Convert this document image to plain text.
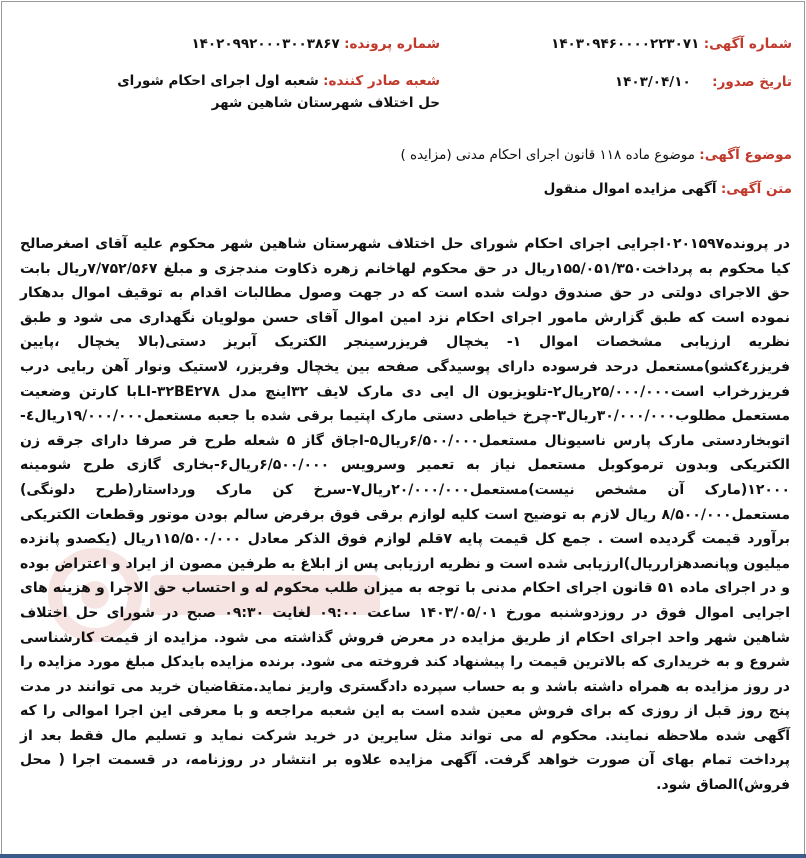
شماره آگهی: ۱۴۰۳۰۹۴۶۰۰۰۰۲۲۳۰۷۱
شماره پرونده: ۱۴۰۲۰۹۹۲۰۰۰۳۰۰۳۸۶۷
تاریخ صدور:     ۱۴۰۳/۰۴/۱۰
شعبه صادر کننده: شعبه اول اجرای احکام شورای حل اختلاف شهرستان شاهین شهر
موضوع آگهی: موضوع ماده ۱۱۸ قانون اجرای احکام مدنی (مزایده )
متن آگهی: آگهی مزایده اموال منقول
در پرونده۰۲۰۱۵۹۷اجرایی اجرای احکام شورای حل اختلاف شهرستان شاهین شهر محکوم علیه آقای اصغرصالح کیا محکوم به پرداخت۱۵۵/۰۵۱/۳۵۰ریال در حق محکوم لهاخانم زهره ذکاوت مندجزی و مبلغ ۷/۷۵۲/۵۶۷ریال بابت حق الاجرای دولتی در حق صندوق دولت شده است که در جهت وصول مطالبات اقدام به توقیف اموال بدهکار نموده است که طبق گزارش مامور اجرای احکام نزد امین اموال آقای حسن مولویان نگهداری می شود و طبق نظریه ارزیابی مشخصات اموال ۱- یخچال فریزرسینجر الکتریک آبریز دستی(بالا یخچال ،پایین فریزر٤کشو)مستعمل درحد فرسوده دارای پوسیدگی صفحه بین یخچال وفریزر، لاستیک ونوار آهن ربایی درب فریزرخراب است۲۵/۰۰۰/۰۰۰ریال۲-تلویزیون ال ایی دی مارک لایف ۳۲اینچ مدل LI-۳۲BE۲۷۸با کارتن وضعیت مستعمل مطلوب۳۰/۰۰۰/۰۰۰ریال۳-چرخ خیاطی دستی مارک اپتیما برقی شده با جعبه مستعمل۱۹/۰۰۰/۰۰۰ریال٤-اتوبخاردستی مارک پارس ناسیونال مستعمل۶/۵۰۰/۰۰۰ریال۵-اجاق گاز ۵ شعله طرح فر صرفا دارای جرقه زن الکتریکی وبدون ترموکوبل مستعمل نیاز به تعمیر وسرویس ۶/۵۰۰/۰۰۰ریال۶-بخاری گازی طرح شومینه ۱۲۰۰۰(مارک آن مشخص نیست)مستعمل۲۰/۰۰۰/۰۰۰ریال۷-سرخ کن مارک ورداستار(طرح دلونگی) مستعمل۸/۵۰۰/۰۰۰ ریال لازم به توضیح است کلیه لوازم برقی فوق برفرض سالم بودن موتور وقطعات الکتریکی برآورد قیمت گردیده است . جمع کل قیمت پایه ۷قلم لوازم فوق الذکر معادل ۱۱۵/۵۰۰/۰۰۰ریال (یکصدو پانزده میلیون وپانصدهزارریال)ارزیابی شده است و نظریه ارزیابی پس از ابلاغ به طرفین مصون از ایراد و اعتراض بوده و در اجرای ماده ۵۱ قانون اجرای احکام مدنی با توجه به میزان طلب محکوم له و احتساب حق الاجرا و هزینه های اجرایی اموال فوق در روزدوشنبه مورخ ۱۴۰۳/۰۵/۰۱ ساعت ۰۹:۰۰ لغایت ۰۹:۳۰ صبح در شورای حل اختلاف شاهین شهر واحد اجرای احکام از طریق مزایده در معرض فروش گذاشته می شود. مزایده از قیمت کارشناسی شروع و به خریداری که بالاترین قیمت را پیشنهاد کند فروخته می شود. برنده مزایده بایدکل مبلغ مورد مزایده را در روز مزایده به همراه داشته باشد و به حساب سپرده دادگستری واریز نماید.متقاضیان خرید می توانند در مدت پنج روز قبل از روزی که برای فروش معین شده است به این شعبه مراجعه و با معرفی این اجرا اموالی را که آگهی شده ملاحظه نمایند. محکوم له می تواند مثل سایرین در خرید شرکت نماید و تسلیم مال فقط بعد از پرداخت تمام بهای آن صورت خواهد گرفت. آگهی مزایده علاوه بر انتشار در روزنامه، در قسمت اجرا ( محل فروش)الصاق شود.
